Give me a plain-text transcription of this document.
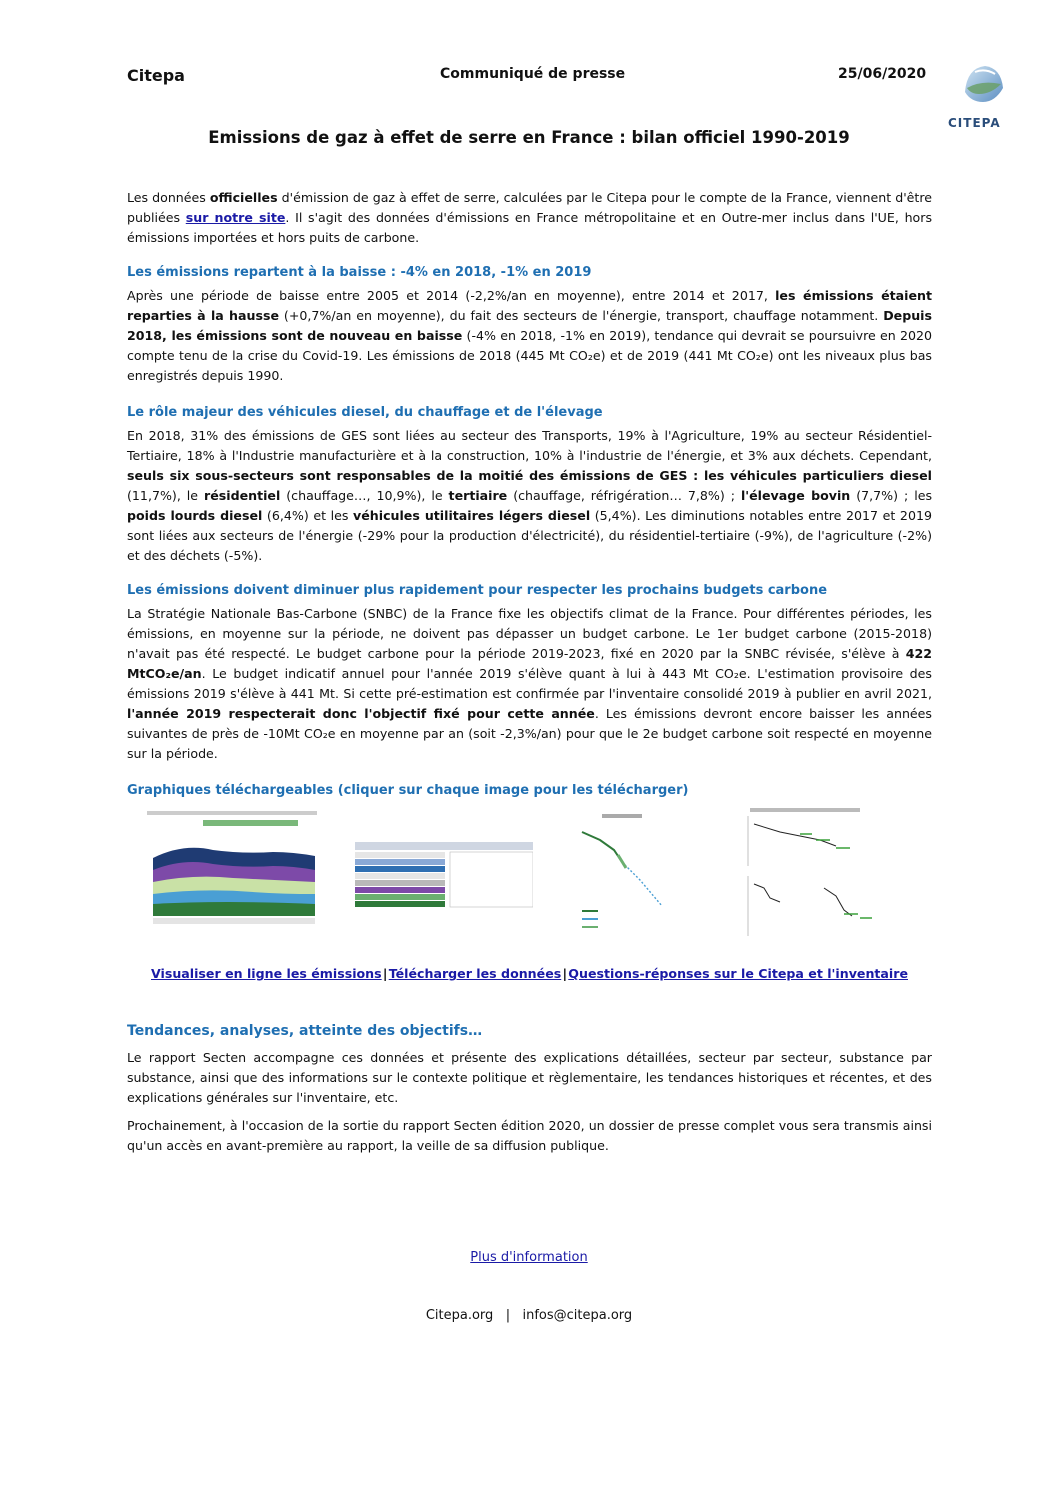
Citepa	Communiqué de presse	25/06/2020
CITEPA
Emissions de gaz à effet de serre en France : bilan officiel 1990-2019

Les données officielles d'émission de gaz à effet de serre, calculées par le Citepa pour le compte de la France, viennent d'être publiées sur notre site. Il s'agit des données d'émissions en France métropolitaine et en Outre-mer inclus dans l'UE, hors émissions importées et hors puits de carbone.

Les émissions repartent à la baisse : -4% en 2018, -1% en 2019

Après une période de baisse entre 2005 et 2014 (-2,2%/an en moyenne), entre 2014 et 2017, les émissions étaient reparties à la hausse (+0,7%/an en moyenne), du fait des secteurs de l'énergie, transport, chauffage notamment. Depuis 2018, les émissions sont de nouveau en baisse (-4% en 2018, -1% en 2019), tendance qui devrait se poursuivre en 2020 compte tenu de la crise du Covid-19. Les émissions de 2018 (445 Mt CO₂e) et de 2019 (441 Mt CO₂e) ont les niveaux plus bas enregistrés depuis 1990.

Le rôle majeur des véhicules diesel, du chauffage et de l'élevage

En 2018, 31% des émissions de GES sont liées au secteur des Transports, 19% à l'Agriculture, 19% au secteur Résidentiel-Tertiaire, 18% à l'Industrie manufacturière et à la construction, 10% à l'industrie de l'énergie, et 3% aux déchets. Cependant, seuls six sous-secteurs sont responsables de la moitié des émissions de GES : les véhicules particuliers diesel (11,7%), le résidentiel (chauffage…, 10,9%), le tertiaire (chauffage, réfrigération… 7,8%) ; l'élevage bovin (7,7%) ; les poids lourds diesel (6,4%) et les véhicules utilitaires légers diesel (5,4%). Les diminutions notables entre 2017 et 2019 sont liées aux secteurs de l'énergie (-29% pour la production d'électricité), du résidentiel-tertiaire (-9%), de l'agriculture (-2%) et des déchets (-5%).

Les émissions doivent diminuer plus rapidement pour respecter les prochains budgets carbone

La Stratégie Nationale Bas-Carbone (SNBC) de la France fixe les objectifs climat de la France. Pour différentes périodes, les émissions, en moyenne sur la période, ne doivent pas dépasser un budget carbone. Le 1er budget carbone (2015-2018) n'avait pas été respecté. Le budget carbone pour la période 2019-2023, fixé en 2020 par la SNBC révisée, s'élève à 422 MtCO₂e/an. Le budget indicatif annuel pour l'année 2019 s'élève quant à lui à 443 Mt CO₂e. L'estimation provisoire des émissions 2019 s'élève à 441 Mt. Si cette pré-estimation est confirmée par l'inventaire consolidé 2019 à publier en avril 2021, l'année 2019 respecterait donc l'objectif fixé pour cette année. Les émissions devront encore baisser les années suivantes de près de -10Mt CO₂e en moyenne par an (soit -2,3%/an) pour que le 2e budget carbone soit respecté en moyenne sur la période.

Graphiques téléchargeables (cliquer sur chaque image pour les télécharger)
Visualiser en ligne les émissions | Télécharger les données | Questions-réponses sur le Citepa et l'inventaire
Tendances, analyses, atteinte des objectifs…

Le rapport Secten accompagne ces données et présente des explications détaillées, secteur par secteur, substance par substance, ainsi que des informations sur le contexte politique et règlementaire, les tendances historiques et récentes, et des explications générales sur l'inventaire, etc.

Prochainement, à l'occasion de la sortie du rapport Secten édition 2020, un dossier de presse complet vous sera transmis ainsi qu'un accès en avant-première au rapport, la veille de sa diffusion publique.

Plus d'information
Citepa.org | infos@citepa.org
